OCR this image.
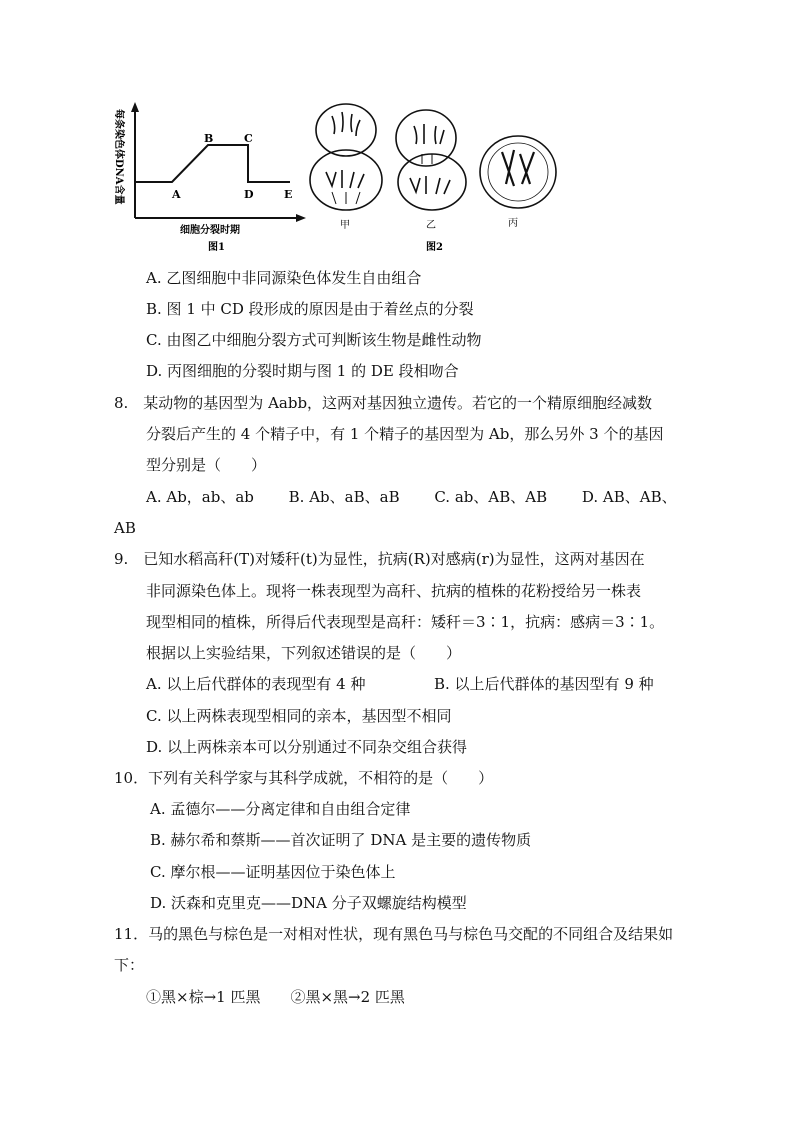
每条染色体DNA含量	A
B	C
D	E
细胞分裂时期
图1
甲	乙
图2
丙
A. 乙图细胞中非同源染色体发生自由组合
B. 图 1 中 CD 段形成的原因是由于着丝点的分裂
C. 由图乙中细胞分裂方式可判断该生物是雌性动物
D. 丙图细胞的分裂时期与图 1 的 DE 段相吻合
8.　某动物的基因型为 Aabb，这两对基因独立遗传。若它的一个精原细胞经减数
分裂后产生的 4 个精子中，有 1 个精子的基因型为 Ab，那么另外 3 个的基因
型分别是（　　）
A. Ab，ab、ab　　 B. Ab、aB、aB　　 C. ab、AB、AB　　 D. AB、AB、
AB
9.　已知水稻高秆(T)对矮秆(t)为显性，抗病(R)对感病(r)为显性，这两对基因在
非同源染色体上。现将一株表现型为高秆、抗病的植株的花粉授给另一株表
现型相同的植株，所得后代表现型是高秆：矮秆＝3∶1，抗病：感病＝3∶1。
根据以上实验结果，下列叙述错误的是（　　）
A. 以上后代群体的表现型有 4 种	B. 以上后代群体的基因型有 9 种
C. 以上两株表现型相同的亲本，基因型不相同
D. 以上两株亲本可以分别通过不同杂交组合获得
10．下列有关科学家与其科学成就，不相符的是（　　）
A. 孟德尔——分离定律和自由组合定律
B. 赫尔希和蔡斯——首次证明了 DNA 是主要的遗传物质
C. 摩尔根——证明基因位于染色体上
D. 沃森和克里克——DNA 分子双螺旋结构模型
11．马的黑色与棕色是一对相对性状，现有黑色马与棕色马交配的不同组合及结果如
下：
①黑×棕→1 匹黑　　②黑×黑→2 匹黑
